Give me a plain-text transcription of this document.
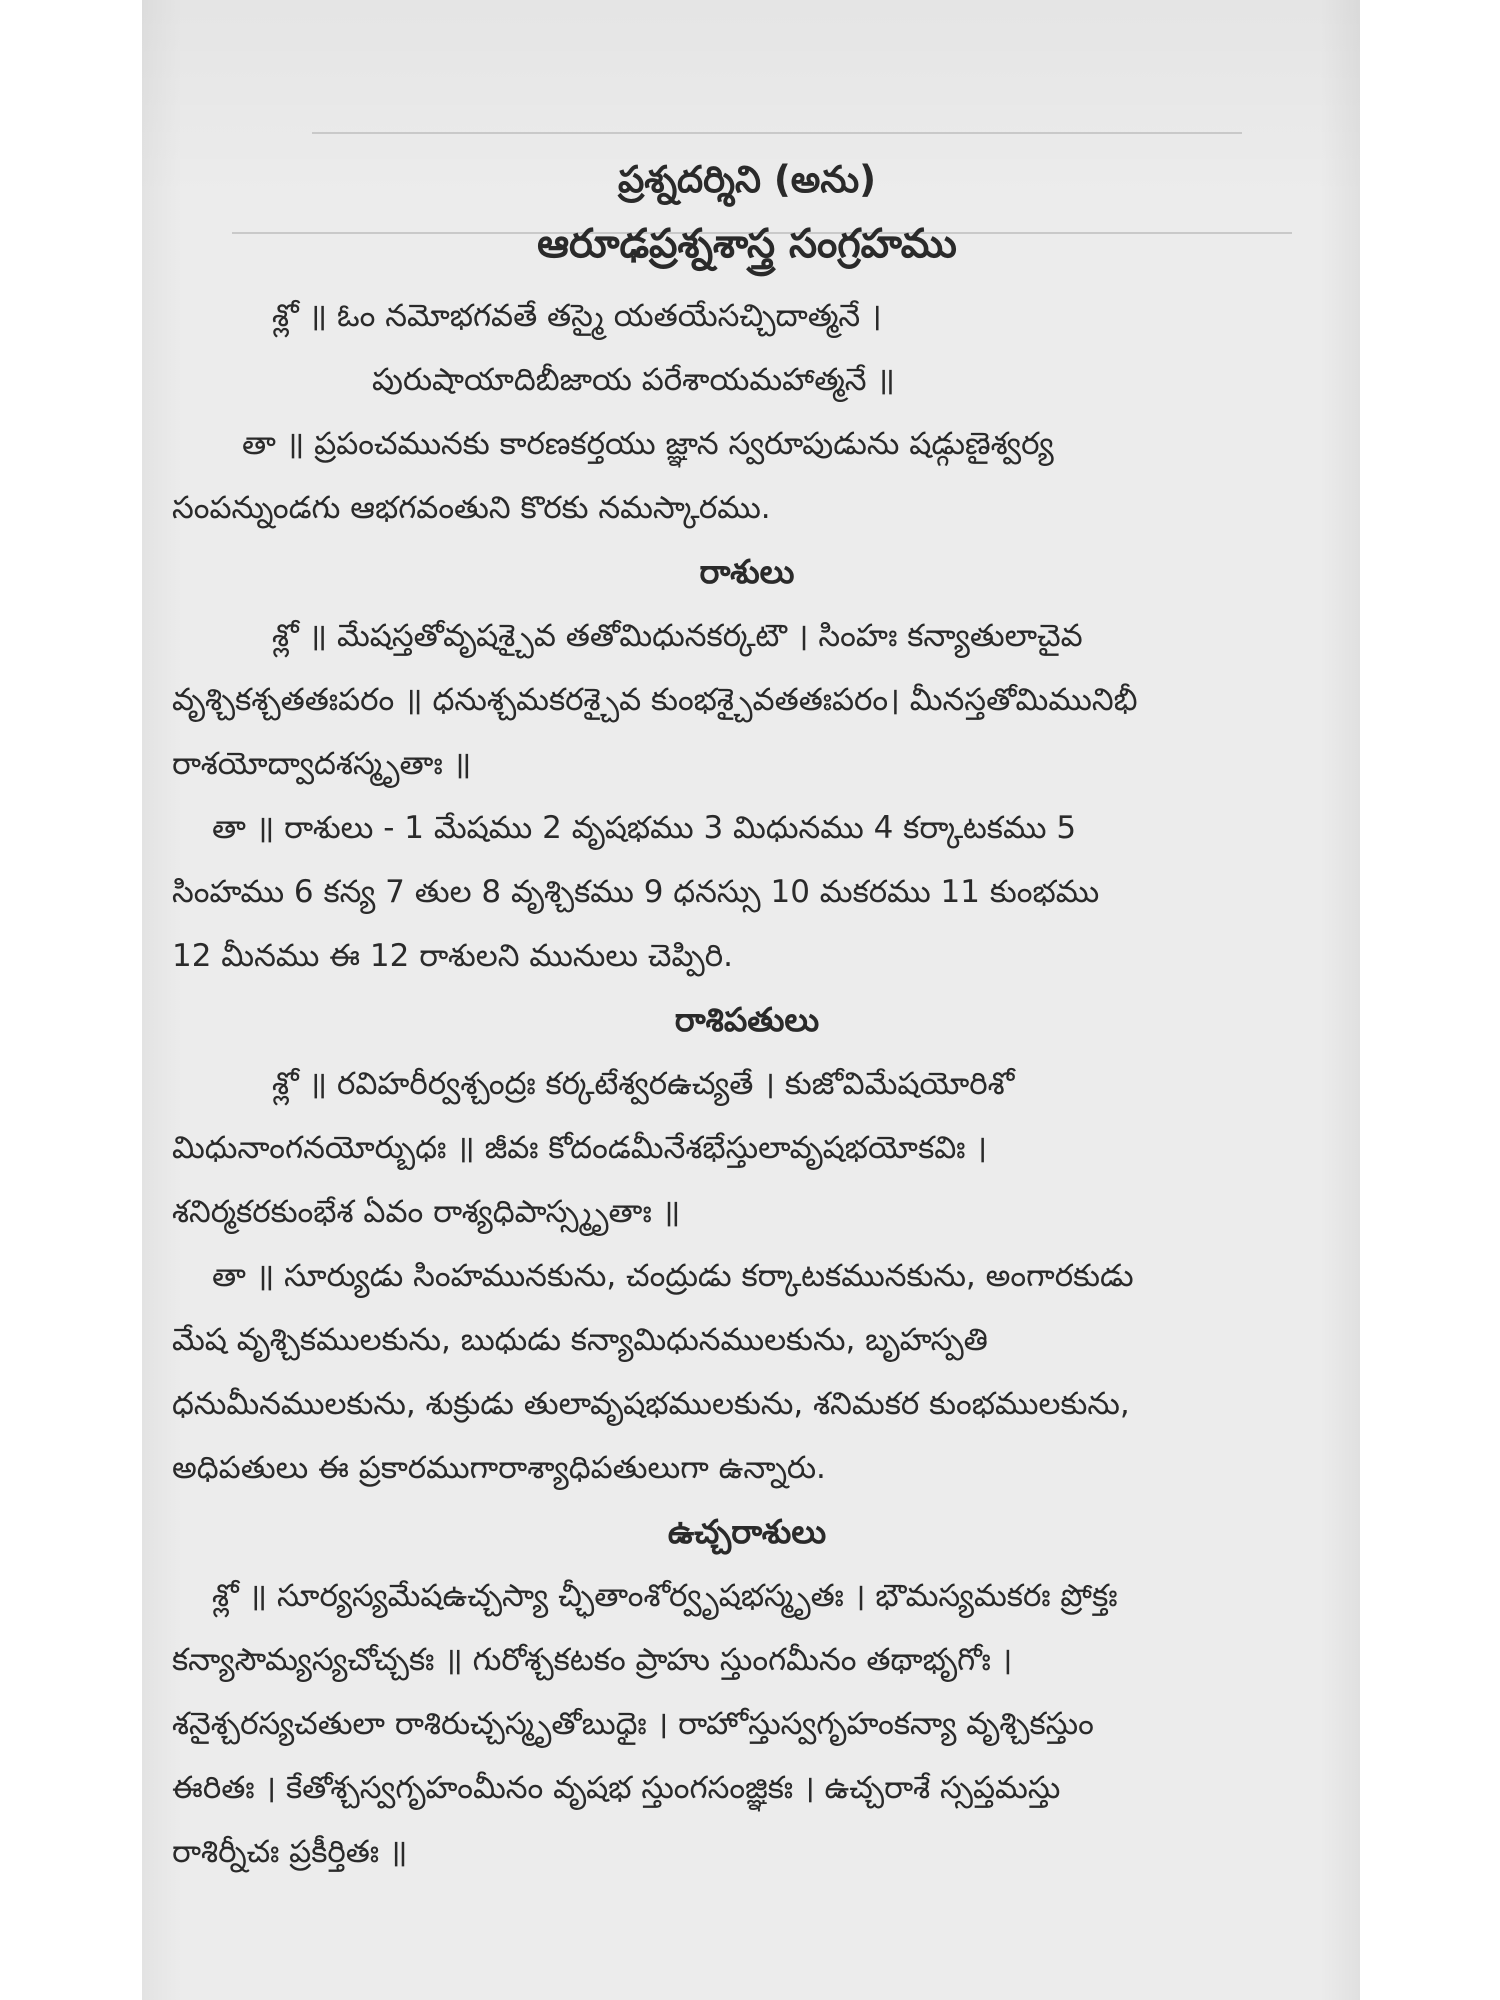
ప్రశ్నదర్శిని (అను)
ఆరూఢప్రశ్నశాస్త్ర సంగ్రహము
శ్లో ॥ ఓం నమోభగవతే తస్మై యతయేసచ్చిదాత్మనే ।
పురుషాయాదిబీజాయ పరేశాయమహాత్మనే ॥
తా ॥ ప్రపంచమునకు కారణకర్తయు జ్ఞాన స్వరూపుడును షడ్గుణైశ్వర్య
సంపన్నుండగు ఆభగవంతుని కొరకు నమస్కారము.
రాశులు
శ్లో ॥ మేషస్తతోవృషశ్చైవ తతోమిధునకర్కటౌ । సింహః కన్యాతులాచైవ
వృశ్చికశ్చతతఃపరం ॥ ధనుశ్చమకరశ్చైవ కుంభశ్చైవతతఃపరం। మీనస్తతోమిమునిభీ
రాశయోద్వాదశస్మృతాః ॥
తా ॥ రాశులు - 1 మేషము 2 వృషభము 3 మిధునము 4 కర్కాటకము 5
సింహము 6 కన్య 7 తుల 8 వృశ్చికము 9 ధనస్సు 10 మకరము 11 కుంభము
12 మీనము ఈ 12 రాశులని మునులు చెప్పిరి.
రాశిపతులు
శ్లో ॥ రవిహరీర్వశ్చంద్రః కర్కటేశ్వరఉచ్యతే । కుజోవిమేషయోరిశో
మిధునాంగనయోర్బుధః ॥ జీవః కోదండమీనేశభేస్తులావృషభయోకవిః ।
శనిర్మకరకుంభేశ ఏవం రాశ్యధిపాస్స్మృతాః ॥
తా ॥ సూర్యుడు సింహమునకును, చంద్రుడు కర్కాటకమునకును, అంగారకుడు
మేష వృశ్చికములకును, బుధుడు కన్యామిధునములకును, బృహస్పతి
ధనుమీనములకును, శుక్రుడు తులావృషభములకును, శనిమకర కుంభములకును,
అధిపతులు ఈ ప్రకారముగారాశ్యాధిపతులుగా ఉన్నారు.
ఉచ్చరాశులు
శ్లో ॥ సూర్యస్యమేషఉచ్చస్యా చ్ఛీతాంశోర్వృషభస్మృతః । భౌమస్యమకరః ప్రోక్తః
కన్యాసౌమ్యస్యచోచ్చకః ॥ గురోశ్చకటకం ప్రాహు స్తుంగమీనం తథాభృగోః ।
శనైశ్చరస్యచతులా రాశిరుచ్చస్మృతోబుధైః । రాహోస్తుస్వగృహంకన్యా వృశ్చికస్తుం
ఈరితః । కేతోశ్చస్వగృహంమీనం వృషభ స్తుంగసంజ్ఞికః । ఉచ్చరాశే స్సప్తమస్తు
రాశిర్నీచః ప్రకీర్తితః ॥
